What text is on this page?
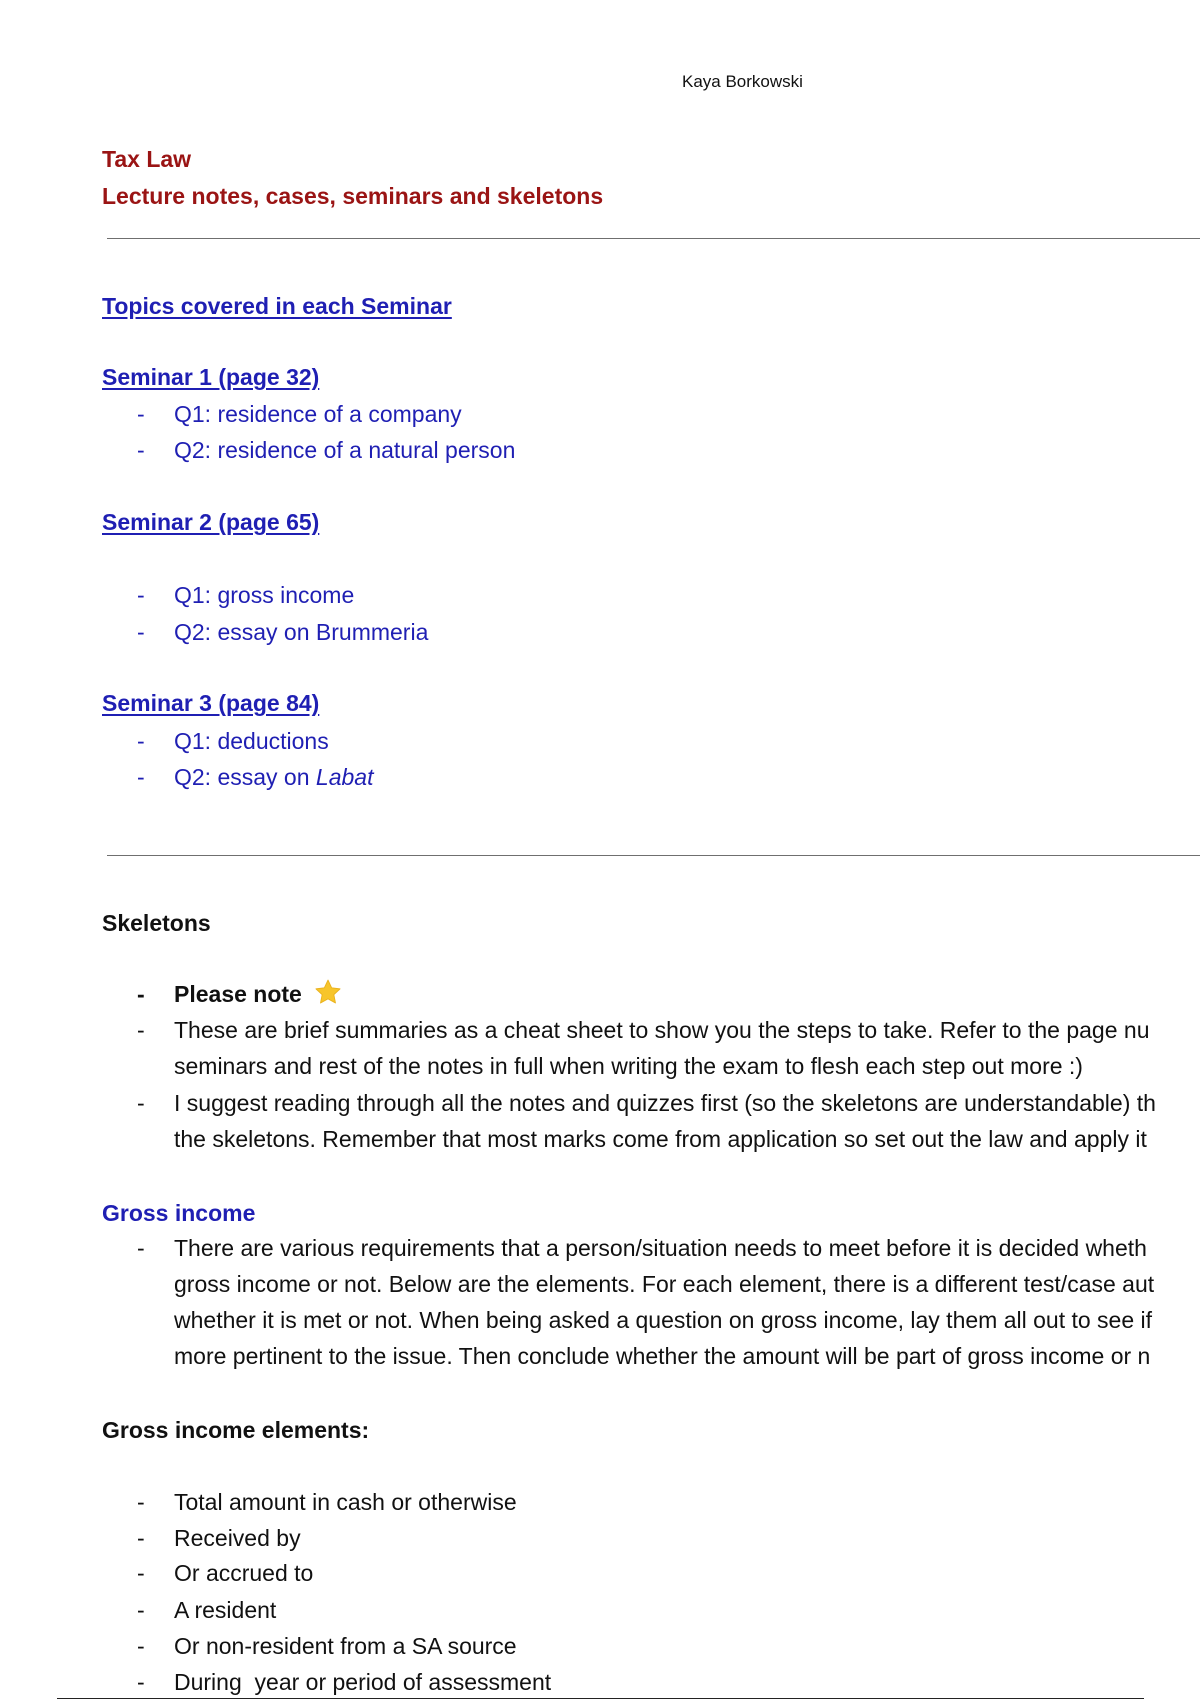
Kaya Borkowski
Tax Law
Lecture notes, cases, seminars and skeletons
Topics covered in each Seminar
Seminar 1 (page 32)
- Q1: residence of a company
- Q2: residence of a natural person
Seminar 2 (page 65)
- Q1: gross income
- Q2: essay on Brummeria
Seminar 3 (page 84)
- Q1: deductions
- Q2: essay on Labat
Skeletons
- Please note
- These are brief summaries as a cheat sheet to show you the steps to take. Refer to the page nu
seminars and rest of the notes in full when writing the exam to flesh each step out more :)
- I suggest reading through all the notes and quizzes first (so the skeletons are understandable) th
the skeletons. Remember that most marks come from application so set out the law and apply it
Gross income
- There are various requirements that a person/situation needs to meet before it is decided wheth
gross income or not. Below are the elements. For each element, there is a different test/case aut
whether it is met or not. When being asked a question on gross income, lay them all out to see if
more pertinent to the issue. Then conclude whether the amount will be part of gross income or n
Gross income elements:
- Total amount in cash or otherwise
- Received by
- Or accrued to
- A resident
- Or non-resident from a SA source
- During  year or period of assessment
